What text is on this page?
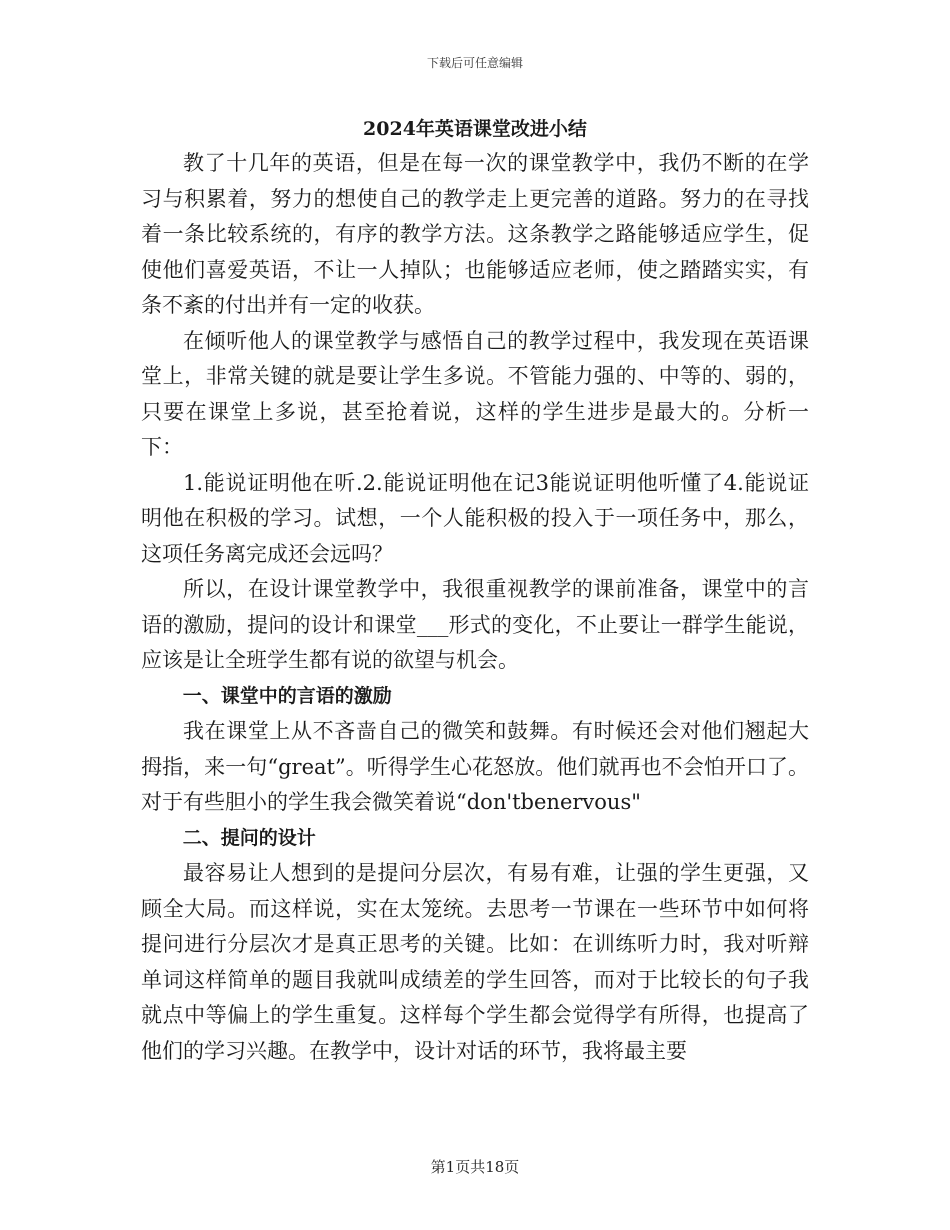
下载后可任意编辑
2024年英语课堂改进小结

教了十几年的英语，但是在每一次的课堂教学中，我仍不断的在学习与积累着，努力的想使自己的教学走上更完善的道路。努力的在寻找着一条比较系统的，有序的教学方法。这条教学之路能够适应学生，促使他们喜爱英语，不让一人掉队；也能够适应老师，使之踏踏实实，有条不紊的付出并有一定的收获。

在倾听他人的课堂教学与感悟自己的教学过程中，我发现在英语课堂上，非常关键的就是要让学生多说。不管能力强的、中等的、弱的，只要在课堂上多说，甚至抢着说，这样的学生进步是最大的。分析一下：

1.能说证明他在听.2.能说证明他在记3能说证明他听懂了4.能说证明他在积极的学习。试想，一个人能积极的投入于一项任务中，那么，这项任务离完成还会远吗？

所以，在设计课堂教学中，我很重视教学的课前准备，课堂中的言语的激励，提问的设计和课堂___形式的变化，不止要让一群学生能说，应该是让全班学生都有说的欲望与机会。

一、课堂中的言语的激励

我在课堂上从不吝啬自己的微笑和鼓舞。有时候还会对他们翘起大拇指，来一句“great”。听得学生心花怒放。他们就再也不会怕开口了。对于有些胆小的学生我会微笑着说“don'tbenervous"

二、提问的设计

最容易让人想到的是提问分层次，有易有难，让强的学生更强，又顾全大局。而这样说，实在太笼统。去思考一节课在一些环节中如何将提问进行分层次才是真正思考的关键。比如：在训练听力时，我对听辩单词这样简单的题目我就叫成绩差的学生回答，而对于比较长的句子我就点中等偏上的学生重复。这样每个学生都会觉得学有所得，也提高了他们的学习兴趣。在教学中，设计对话的环节，我将最主要

第1页共18页
